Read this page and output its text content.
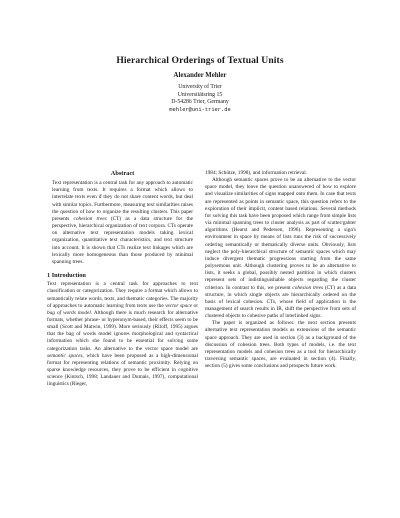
Hierarchical Orderings of Textual Units
Alexander Mehler
University of Trier
Universitätsring 15
D-54286 Trier, Germany
mehler@uni-trier.de
Abstract

Text representation is a central task for any approach to automatic learning from texts. It requires a format which allows to interrelate texts even if they do not share content words, but deal with similar topics. Furthermore, measuring text similarities raises the question of how to organize the resulting clusters. This paper presents cohesion trees (CT) as a data structure for the perspective, hierarchical organization of text corpora. CTs operate on alternative text representation models taking lexical organization, quantitative text characteristics, and text structure into account. It is shown that CTs realize text linkages which are lexically more homogeneous than those produced by minimal spanning trees.

1 Introduction

Text representation is a central task for approaches to text classification or categorization. They require a format which allows to semantically relate words, texts, and thematic categories. The majority of approaches to automatic learning from texts use the vector space or bag of words model. Although there is much research for alternative formats, whether phrase- or hyperonym-based, their effects seem to be small (Scott and Matwin, 1999). More seriously (Riloff, 1995) argues that the bag of words model ignores morphological and syntactical information which she found to be essential for solving some categorization tasks. An alternative to the vector space model are semantic spaces, which have been proposed as a high-dimensional format for representing relations of semantic proximity. Relying on sparse knowledge resources, they prove to be efficient in cognitive science (Kintsch, 1998; Landauer and Dumais, 1997), computational linguistics (Rieger,

1984; Schütze, 1998), and information retrieval.

Although semantic spaces prove to be an alternative to the vector space model, they leave the question unanswered of how to explore and visualize similarities of signs mapped onto them. In case that texts are represented as points in semantic space, this question refers to the exploration of their implicit, content based relations. Several methods for solving this task have been proposed which range from simple lists via minimal spanning trees to cluster analysis as part of scatter/gahter algorithms (Hearst and Pedersen, 1996). Representing a sign's environment in space by means of lists runs the risk of successively ordering semantically or thematically diverse units. Obviously, lists neglect the poly-hierarchical structure of semantic spaces which may induce divergent thematic progressions starting from the same polysemous unit. Although clustering proves to be an alternative to lists, it seeks a global, possibly nested partition in which clusters represent sets of indistinguishable objects regarding the cluster criterion. In contrast to this, we present cohesion trees (CT) as a data structure, in which single objects are hierarchically ordered on the basis of lexical cohesion. CTs, whose field of application is the management of search results in IR, shift the perspective from sets of clustered objects to cohesive paths of interlinked signs.

The paper is organized as follows: the next section presents alternative text representation models as extensions of the semantic space approach. They are used in section (3) as a background of the discussion of cohesion trees. Both types of models, i.e. the text representation models and cohesion trees as a tool for hierarchically traversing semantic spaces, are evaluated in section (4). Finally, section (5) gives some conclusions and prospects future work.
